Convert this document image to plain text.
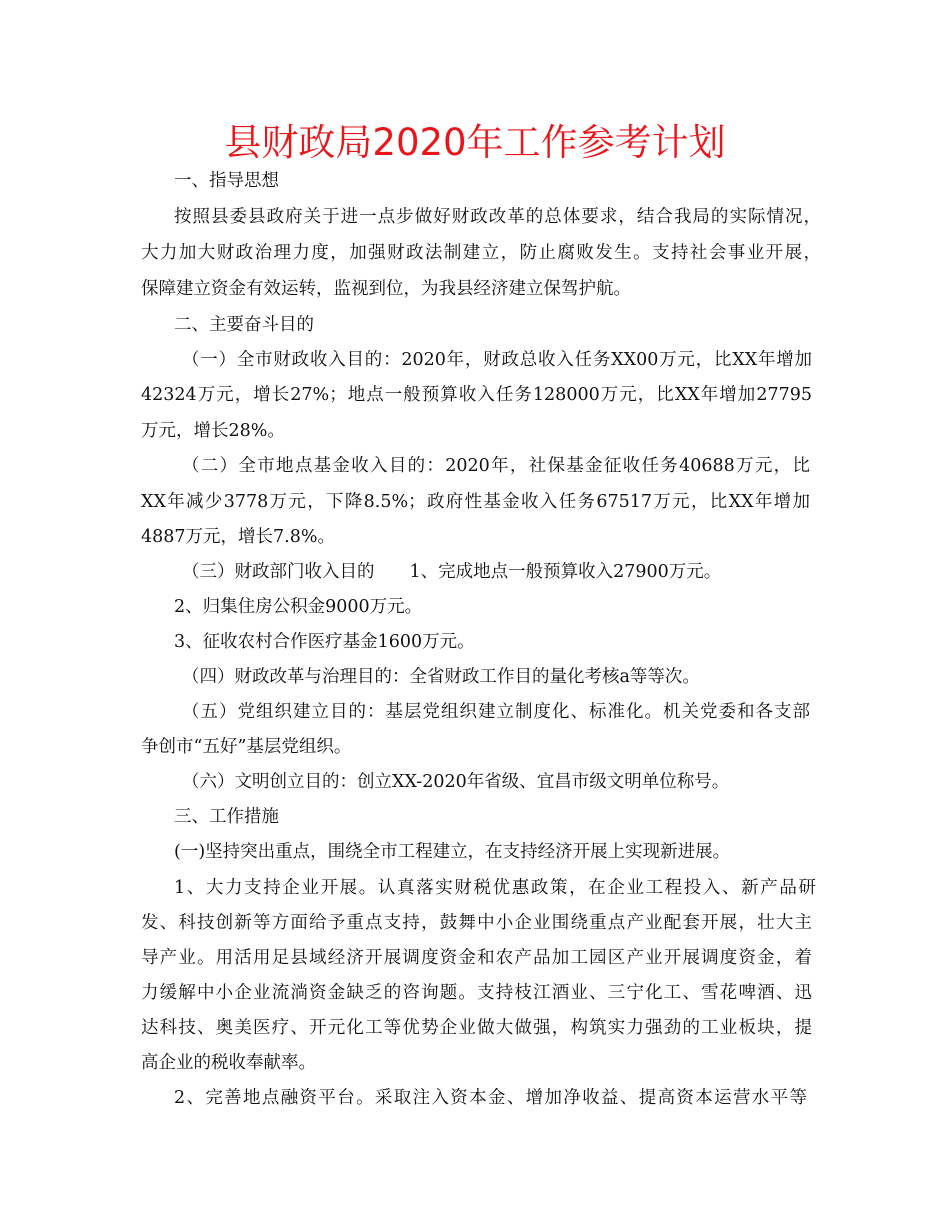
县财政局2020年工作参考计划
一、指导思想
按照县委县政府关于进一点步做好财政改革的总体要求，结合我局的实际情况，
大力加大财政治理力度，加强财政法制建立，防止腐败发生。支持社会事业开展，
保障建立资金有效运转，监视到位，为我县经济建立保驾护航。
二、主要奋斗目的
（一）全市财政收入目的：2020年，财政总收入任务XX00万元，比XX年增加
42324万元，增长27%；地点一般预算收入任务128000万元，比XX年增加27795
万元，增长28%。
（二）全市地点基金收入目的：2020年，社保基金征收任务40688万元，比
XX年减少3778万元，下降8.5%；政府性基金收入任务67517万元，比XX年增加
4887万元，增长7.8%。
（三）财政部门收入目的　　1、完成地点一般预算收入27900万元。
2、归集住房公积金9000万元。
3、征收农村合作医疗基金1600万元。
（四）财政改革与治理目的：全省财政工作目的量化考核a等等次。
（五）党组织建立目的：基层党组织建立制度化、标准化。机关党委和各支部
争创市“五好”基层党组织。
（六）文明创立目的：创立XX-2020年省级、宜昌市级文明单位称号。
三、工作措施
(一)坚持突出重点，围绕全市工程建立，在支持经济开展上实现新进展。
1、大力支持企业开展。认真落实财税优惠政策，在企业工程投入、新产品研
发、科技创新等方面给予重点支持，鼓舞中小企业围绕重点产业配套开展，壮大主
导产业。用活用足县域经济开展调度资金和农产品加工园区产业开展调度资金，着
力缓解中小企业流淌资金缺乏的咨询题。支持枝江酒业、三宁化工、雪花啤酒、迅
达科技、奥美医疗、开元化工等优势企业做大做强，构筑实力强劲的工业板块，提
高企业的税收奉献率。
2、完善地点融资平台。采取注入资本金、增加净收益、提高资本运营水平等
